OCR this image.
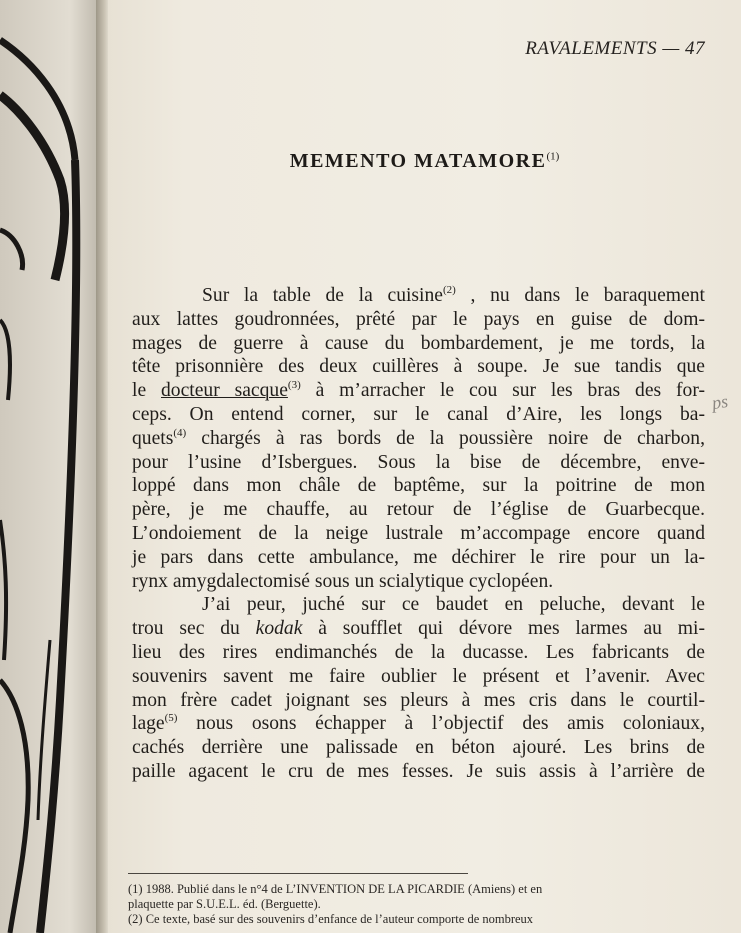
RAVALEMENTS — 47
MEMENTO MATAMORE$^{(1)}$
Sur la table de la cuisine$^{(2)}$ , nu dans le baraquement
aux lattes goudronnées, prêté par le pays en guise de dom-
mages de guerre à cause du bombardement, je me tords, la
tête prisonnière des deux cuillères à soupe. Je sue tandis que
le docteur sacque$^{(3)}$ à m’arracher le cou sur les bras des for-
ceps. On entend corner, sur le canal d’Aire, les longs ba-
quets$^{(4)}$ chargés à ras bords de la poussière noire de charbon,
pour l’usine d’Isbergues. Sous la bise de décembre, enve-
loppé dans mon châle de baptême, sur la poitrine de mon
père, je me chauffe, au retour de l’église de Guarbecque.
L’ondoiement de la neige lustrale m’accompage encore quand
je pars dans cette ambulance, me déchirer le rire pour un la-
rynx amygdalectomisé sous un scialytique cyclopéen.
J’ai peur, juché sur ce baudet en peluche, devant le
trou sec du kodak à soufflet qui dévore mes larmes au mi-
lieu des rires endimanchés de la ducasse. Les fabricants de
souvenirs savent me faire oublier le présent et l’avenir. Avec
mon frère cadet joignant ses pleurs à mes cris dans le courtil-
lage$^{(5)}$ nous osons échapper à l’objectif des amis coloniaux,
cachés derrière une palissade en béton ajouré. Les brins de
paille agacent le cru de mes fesses. Je suis assis à l’arrière de
ps
(1) 1988. Publié dans le n°4 de L’INVENTION DE LA PICARDIE (Amiens) et en
plaquette par S.U.E.L. éd. (Berguette).
(2) Ce texte, basé sur des souvenirs d’enfance de l’auteur comporte de nombreux
